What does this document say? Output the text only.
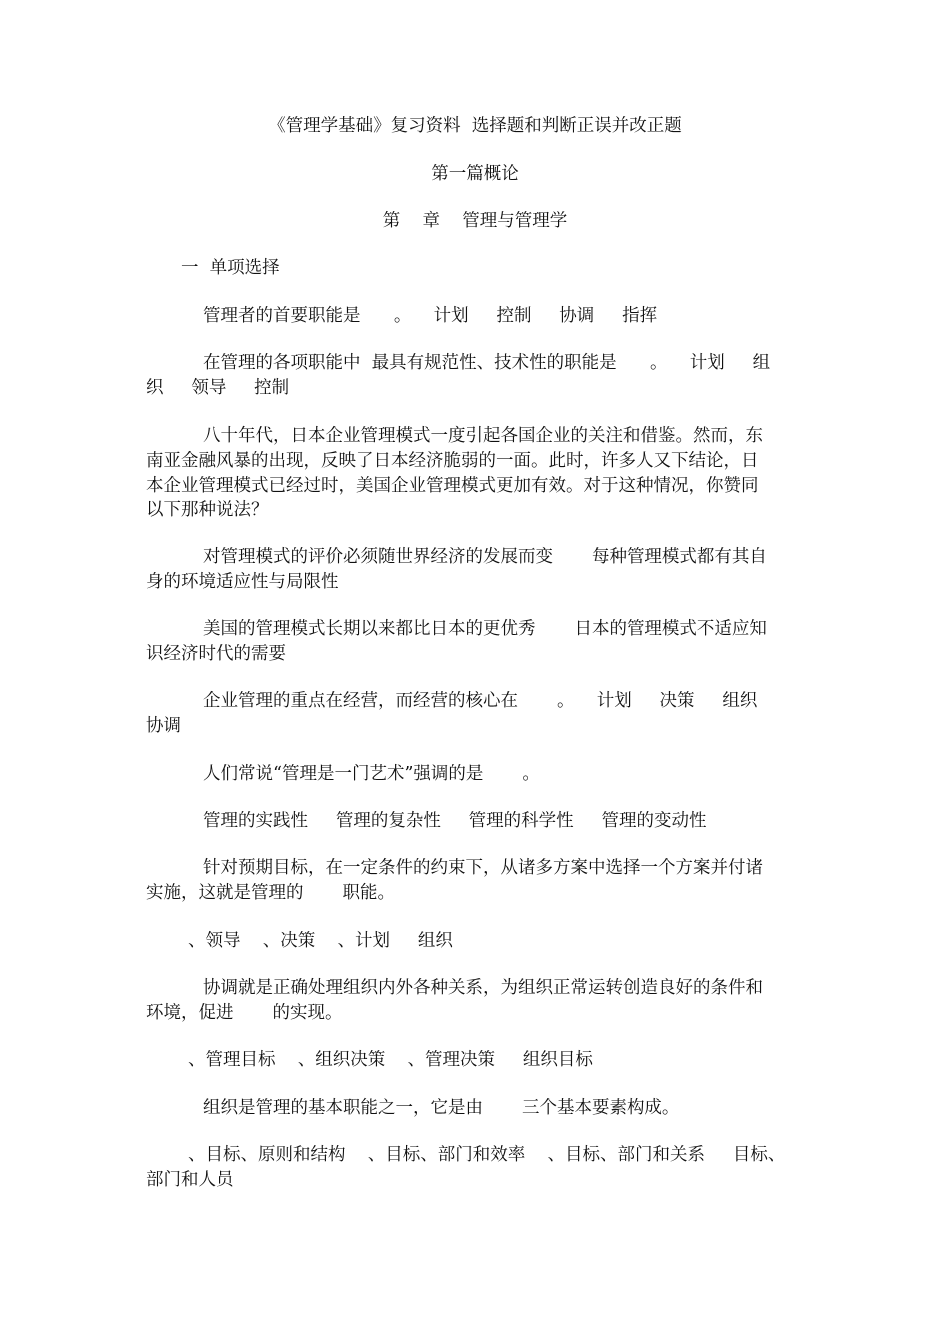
《管理学基础》复习资料  选择题和判断正误并改正题

第一篇概论

第    章    管理与管理学

一  单项选择

管理者的首要职能是      。    计划     控制     协调     指挥

在管理的各项职能中  最具有规范性、技术性的职能是      。    计划     组

织     领导     控制

八十年代，日本企业管理模式一度引起各国企业的关注和借鉴。然而，东

南亚金融风暴的出现，反映了日本经济脆弱的一面。此时，许多人又下结论，日

本企业管理模式已经过时，美国企业管理模式更加有效。对于这种情况，你赞同

以下那种说法？

对管理模式的评价必须随世界经济的发展而变       每种管理模式都有其自

身的环境适应性与局限性

美国的管理模式长期以来都比日本的更优秀       日本的管理模式不适应知

识经济时代的需要

企业管理的重点在经营，而经营的核心在       。    计划     决策     组织

协调

人们常说“管理是一门艺术”强调的是       。

管理的实践性     管理的复杂性     管理的科学性     管理的变动性

针对预期目标，在一定条件的约束下，从诸多方案中选择一个方案并付诸

实施，这就是管理的       职能。

、领导    、决策    、计划     组织

协调就是正确处理组织内外各种关系，为组织正常运转创造良好的条件和

环境，促进       的实现。

、管理目标    、组织决策    、管理决策     组织目标

组织是管理的基本职能之一，它是由       三个基本要素构成。

、目标、原则和结构    、目标、部门和效率    、目标、部门和关系     目标、

部门和人员
